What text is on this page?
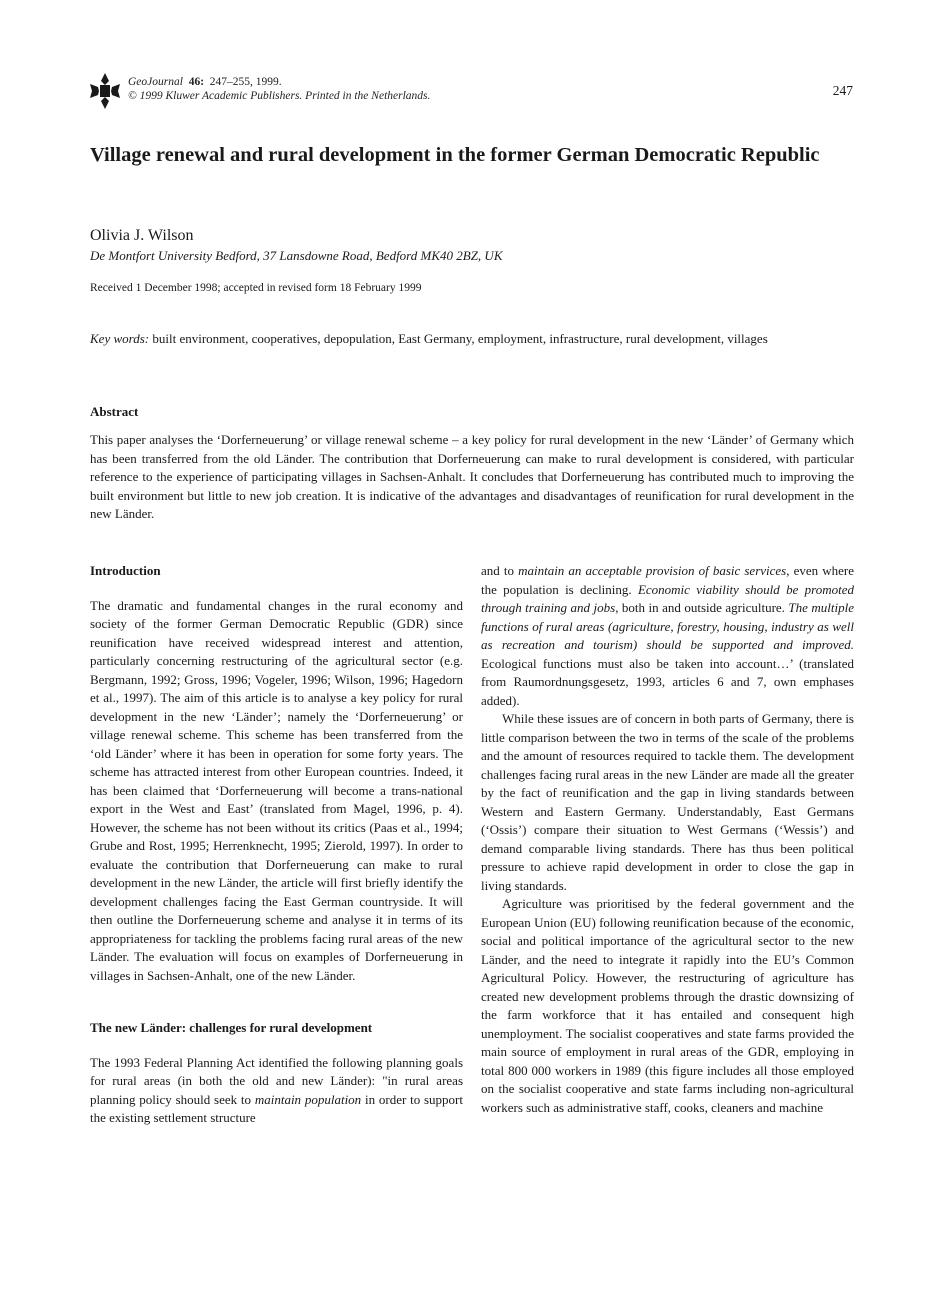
GeoJournal 46: 247–255, 1999.
© 1999 Kluwer Academic Publishers. Printed in the Netherlands.	247
Village renewal and rural development in the former German Democratic Republic
Olivia J. Wilson
De Montfort University Bedford, 37 Lansdowne Road, Bedford MK40 2BZ, UK
Received 1 December 1998; accepted in revised form 18 February 1999
Key words: built environment, cooperatives, depopulation, East Germany, employment, infrastructure, rural development, villages
Abstract
This paper analyses the ‘Dorferneuerung’ or village renewal scheme – a key policy for rural development in the new ‘Länder’ of Germany which has been transferred from the old Länder. The contribution that Dorferneuerung can make to rural development is considered, with particular reference to the experience of participating villages in Sachsen-Anhalt. It concludes that Dorferneuerung has contributed much to improving the built environment but little to new job creation. It is indicative of the advantages and disadvantages of reunification for rural development in the new Länder.
Introduction

The dramatic and fundamental changes in the rural economy and society of the former German Democratic Republic (GDR) since reunification have received widespread interest and attention, particularly concerning restructuring of the agricultural sector (e.g. Bergmann, 1992; Gross, 1996; Vogeler, 1996; Wilson, 1996; Hagedorn et al., 1997). The aim of this article is to analyse a key policy for rural development in the new ‘Länder’; namely the ‘Dorferneuerung’ or village renewal scheme. This scheme has been transferred from the ‘old Länder’ where it has been in operation for some forty years. The scheme has attracted interest from other European countries. Indeed, it has been claimed that ‘Dorferneuerung will become a trans-national export in the West and East’ (translated from Magel, 1996, p. 4). However, the scheme has not been without its critics (Paas et al., 1994; Grube and Rost, 1995; Herrenknecht, 1995; Zierold, 1997). In order to evaluate the contribution that Dorferneuerung can make to rural development in the new Länder, the article will first briefly identify the development challenges facing the East German countryside. It will then outline the Dorferneuerung scheme and analyse it in terms of its appropriateness for tackling the problems facing rural areas of the new Länder. The evaluation will focus on examples of Dorferneuerung in villages in Sachsen-Anhalt, one of the new Länder.

The new Länder: challenges for rural development

The 1993 Federal Planning Act identified the following planning goals for rural areas (in both the old and new Länder): "in rural areas planning policy should seek to maintain population in order to support the existing settlement structure

and to maintain an acceptable provision of basic services, even where the population is declining. Economic viability should be promoted through training and jobs, both in and outside agriculture. The multiple functions of rural areas (agriculture, forestry, housing, industry as well as recreation and tourism) should be supported and improved. Ecological functions must also be taken into account…’ (translated from Raumordnungsgesetz, 1993, articles 6 and 7, own emphases added).

While these issues are of concern in both parts of Germany, there is little comparison between the two in terms of the scale of the problems and the amount of resources required to tackle them. The development challenges facing rural areas in the new Länder are made all the greater by the fact of reunification and the gap in living standards between Western and Eastern Germany. Understandably, East Germans (‘Ossis’) compare their situation to West Germans (‘Wessis’) and demand comparable living standards. There has thus been political pressure to achieve rapid development in order to close the gap in living standards.

Agriculture was prioritised by the federal government and the European Union (EU) following reunification because of the economic, social and political importance of the agricultural sector to the new Länder, and the need to integrate it rapidly into the EU’s Common Agricultural Policy. However, the restructuring of agriculture has created new development problems through the drastic downsizing of the farm workforce that it has entailed and consequent high unemployment. The socialist cooperatives and state farms provided the main source of employment in rural areas of the GDR, employing in total 800 000 workers in 1989 (this figure includes all those employed on the socialist cooperative and state farms including non-agricultural workers such as administrative staff, cooks, cleaners and machine
